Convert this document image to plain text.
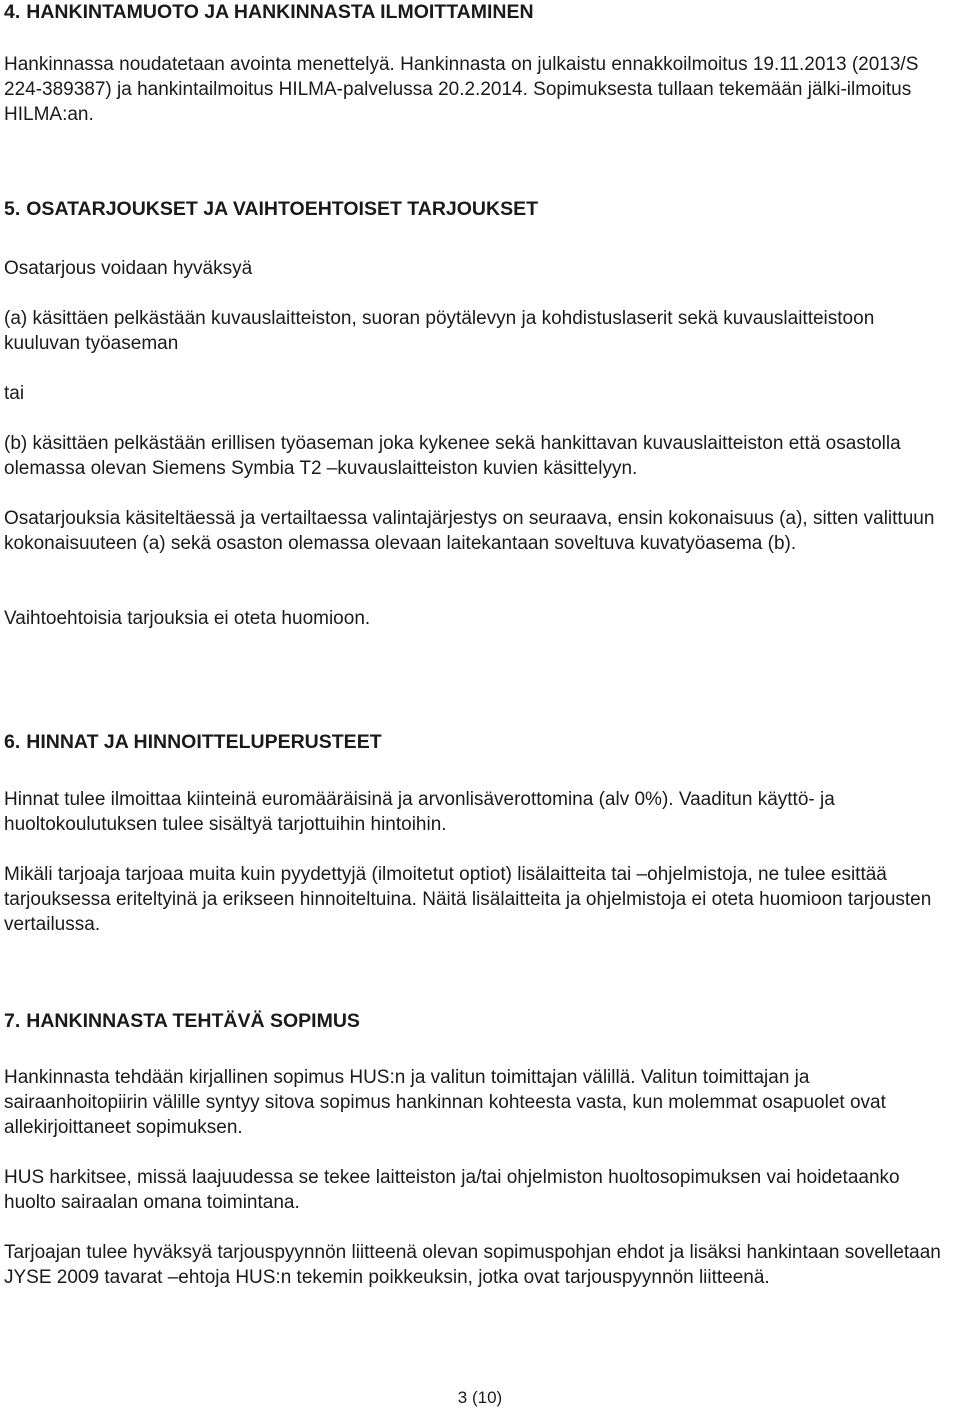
4. HANKINTAMUOTO JA HANKINNASTA ILMOITTAMINEN

Hankinnassa noudatetaan avointa menettelyä. Hankinnasta on julkaistu ennakkoilmoitus 19.11.2013 (2013/S 224-389387) ja hankintailmoitus HILMA-palvelussa 20.2.2014. Sopimuksesta tullaan tekemään jälki-ilmoitus HILMA:an.

5. OSATARJOUKSET JA VAIHTOEHTOISET TARJOUKSET

Osatarjous voidaan hyväksyä

(a) käsittäen pelkästään kuvauslaitteiston, suoran pöytälevyn ja kohdistuslaserit sekä kuvauslaitteistoon kuuluvan työaseman

tai

(b) käsittäen pelkästään erillisen työaseman joka kykenee sekä hankittavan kuvauslaitteiston että osastolla olemassa olevan Siemens Symbia T2 –kuvauslaitteiston kuvien käsittelyyn.

Osatarjouksia käsiteltäessä ja vertailtaessa valintajärjestys on seuraava, ensin kokonaisuus (a), sitten valittuun kokonaisuuteen (a) sekä osaston olemassa olevaan laitekantaan soveltuva kuvatyöasema (b).

Vaihtoehtoisia tarjouksia ei oteta huomioon.

6. HINNAT JA HINNOITTELUPERUSTEET

Hinnat tulee ilmoittaa kiinteinä euromääräisinä ja arvonlisäverottomina (alv 0%). Vaaditun käyttö- ja huoltokoulutuksen tulee sisältyä tarjottuihin hintoihin.

Mikäli tarjoaja tarjoaa muita kuin pyydettyjä (ilmoitetut optiot) lisälaitteita tai –ohjelmistoja, ne tulee esittää tarjouksessa eriteltyinä ja erikseen hinnoiteltuina. Näitä lisälaitteita ja ohjelmistoja ei oteta huomioon tarjousten vertailussa.

7. HANKINNASTA TEHTÄVÄ SOPIMUS

Hankinnasta tehdään kirjallinen sopimus HUS:n ja valitun toimittajan välillä. Valitun toimittajan ja sairaanhoitopiirin välille syntyy sitova sopimus hankinnan kohteesta vasta, kun molemmat osapuolet ovat allekirjoittaneet sopimuksen.

HUS harkitsee, missä laajuudessa se tekee laitteiston ja/tai ohjelmiston huoltosopimuksen vai hoidetaanko huolto sairaalan omana toimintana.

Tarjoajan tulee hyväksyä tarjouspyynnön liitteenä olevan sopimuspohjan ehdot ja lisäksi hankintaan sovelletaan JYSE 2009 tavarat –ehtoja HUS:n tekemin poikkeuksin, jotka ovat tarjouspyynnön liitteenä.

3 (10)
